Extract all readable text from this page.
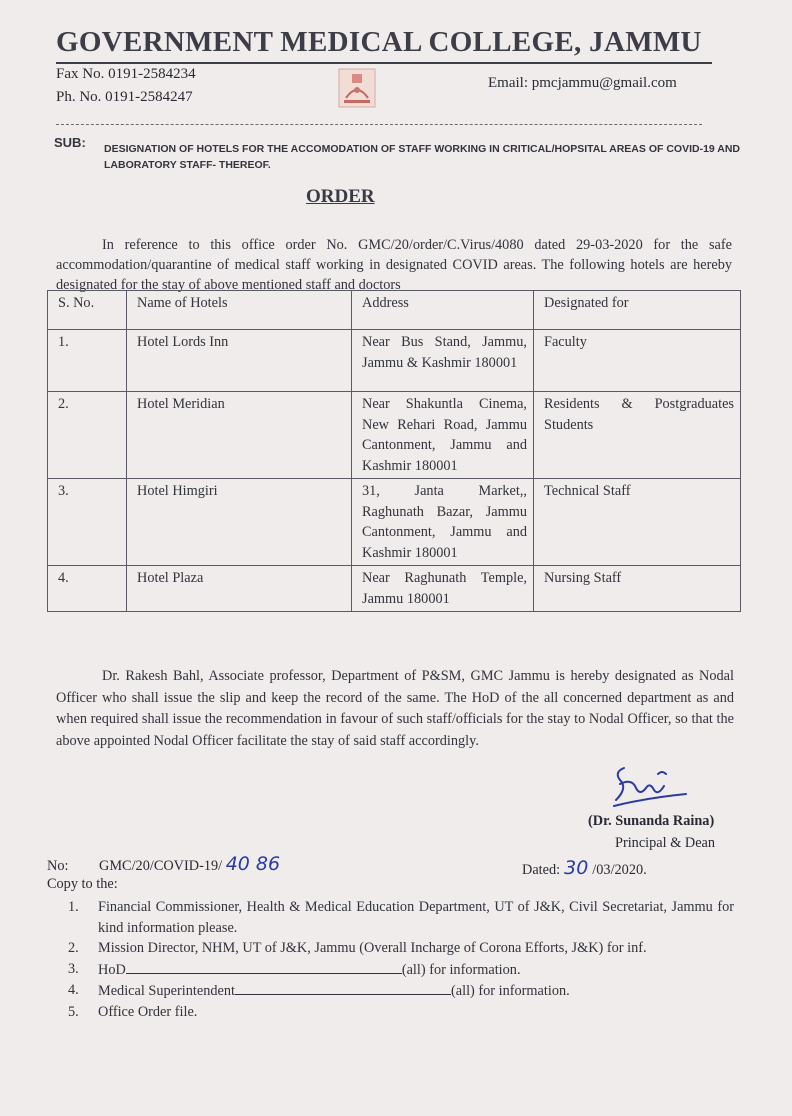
GOVERNMENT MEDICAL COLLEGE, JAMMU
Fax No. 0191-2584234
Ph. No. 0191-2584247
Email: pmcjammu@gmail.com
SUB: DESIGNATION OF HOTELS FOR THE ACCOMODATION OF STAFF WORKING IN CRITICAL/HOPSITAL AREAS OF COVID-19 AND LABORATORY STAFF- THEREOF.
ORDER
In reference to this office order No. GMC/20/order/C.Virus/4080 dated 29-03-2020 for the safe accommodation/quarantine of medical staff working in designated COVID areas. The following hotels are hereby designated for the stay of above mentioned staff and doctors
S. No.	Name of Hotels	Address	Designated for
1.	Hotel Lords Inn	Near Bus Stand, Jammu, Jammu & Kashmir 180001	Faculty
2.	Hotel Meridian	Near Shakuntla Cinema, New Rehari Road, Jammu Cantonment, Jammu and Kashmir 180001	Residents & Postgraduates Students
3.	Hotel Himgiri	31, Janta Market,, Raghunath Bazar, Jammu Cantonment, Jammu and Kashmir 180001	Technical Staff
4.	Hotel Plaza	Near Raghunath Temple, Jammu 180001	Nursing Staff
Dr. Rakesh Bahl, Associate professor, Department of P&SM, GMC Jammu is hereby designated as Nodal Officer who shall issue the slip and keep the record of the same. The HoD of the all concerned department as and when required shall issue the recommendation in favour of such staff/officials for the stay to Nodal Officer, so that the above appointed Nodal Officer facilitate the stay of said staff accordingly.
(Dr. Sunanda Raina)
Principal & Dean
No: GMC/20/COVID-19/ 40 86	Dated: 30 /03/2020.
Copy to the:
1.	Financial Commissioner, Health & Medical Education Department, UT of J&K, Civil Secretariat, Jammu for kind information please.
2.	Mission Director, NHM, UT of J&K, Jammu (Overall Incharge of Corona Efforts, J&K) for inf.
3.	HoD	(all) for information.
4.	Medical Superintendent	(all) for information.
5.	Office Order file.
